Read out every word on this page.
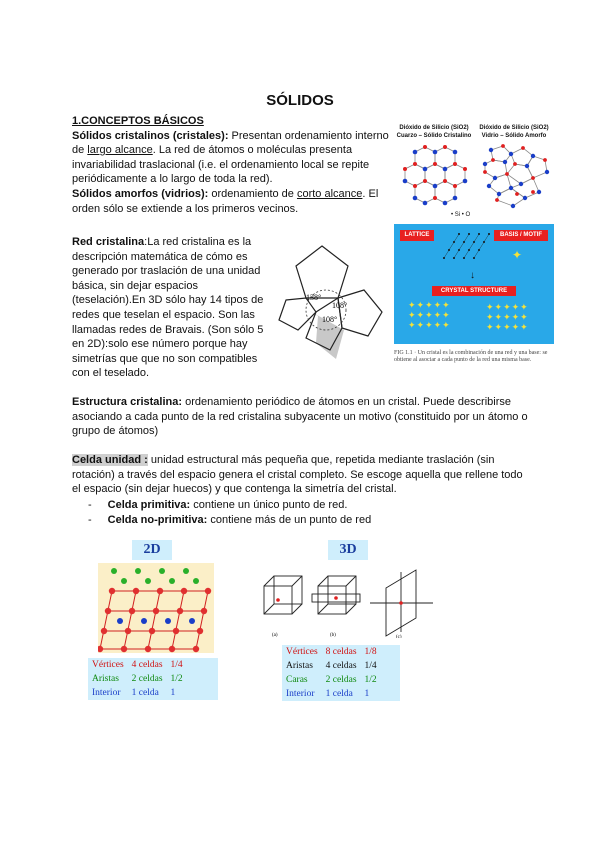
SÓLIDOS
1.CONCEPTOS BÁSICOS
Sólidos cristalinos (cristales): Presentan ordenamiento interno de largo alcance. La red de átomos o moléculas presenta invariabilidad traslacional (i.e. el ordenamiento local se repite periódicamente a lo largo de toda la red).
Sólidos amorfos (vidrios): ordenamiento de corto alcance. El orden sólo se extiende a los primeros vecinos.
Dióxido de Silicio (SiO2)
Cuarzo – Sólido Cristalino
Dióxido de Silicio (SiO2)
Vidrio – Sólido Amorfo
• Si • O
Red cristalina:La red cristalina es la descripción matemática de cómo es generado por traslación de una unidad básica, sin dejar espacios (teselación).En 3D sólo hay 14 tipos de redes que teselan el espacio. Son las llamadas redes de Bravais. (Son sólo 5 en 2D):solo ese número porque hay simetrías que que no son compatibles con el teselado.
138°
108°
108°
LATTICE	BASIS / MOTIF
✦
↓
CRYSTAL STRUCTURE
✦✦✦✦✦
✦✦✦✦✦
✦✦✦✦✦
✦✦✦✦✦
✦✦✦✦✦
✦✦✦✦✦
FIG 1.1 · Un cristal es la combinación de una red y una base: se obtiene al asociar a cada punto de la red una misma base.
Estructura cristalina: ordenamiento periódico de átomos en un cristal. Puede describirse asociando a cada punto de la red cristalina subyacente un motivo (constituido por un átomo o grupo de átomos)
Celda unidad : unidad estructural más pequeña que, repetida mediante traslación (sin rotación) a través del espacio genera el cristal completo. Se escoge aquella que rellene todo el espacio (sin dejar huecos) y que contenga la simetría del cristal.
- Celda primitiva: contiene un único punto de red.
- Celda no-primitiva: contiene más de un punto de red
2D
Vértices	4 celdas	1/4
Aristas	2 celdas	1/2
Interior	1 celda	1
3D
(a)	(b)	(c)
Vértices	8 celdas	1/8
Aristas	4 celdas	1/4
Caras	2 celdas	1/2
Interior	1 celda	1
